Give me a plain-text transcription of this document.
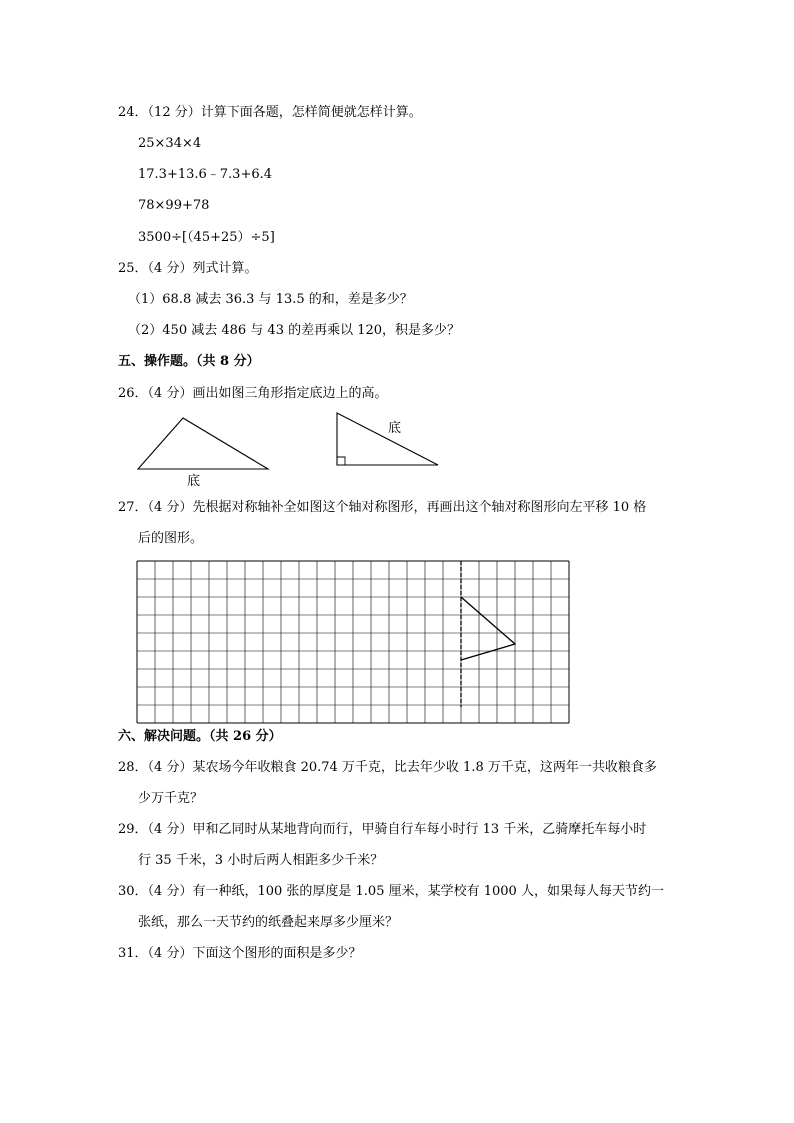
24．（12 分）计算下面各题，怎样简便就怎样计算。
25×34×4
17.3+13.6﹣7.3+6.4
78×99+78
3500÷[（45+25）÷5]
25．（4 分）列式计算。
（1）68.8 减去 36.3 与 13.5 的和，差是多少？
（2）450 减去 486 与 43 的差再乘以 120，积是多少？
五、操作题。（共 8 分）
26．（4 分）画出如图三角形指定底边上的高。
底
底
27．（4 分）先根据对称轴补全如图这个轴对称图形，再画出这个轴对称图形向左平移 10 格
后的图形。
六、解决问题。（共 26 分）
28．（4 分）某农场今年收粮食 20.74 万千克，比去年少收 1.8 万千克，这两年一共收粮食多
少万千克？
29．（4 分）甲和乙同时从某地背向而行，甲骑自行车每小时行 13 千米，乙骑摩托车每小时
行 35 千米，3 小时后两人相距多少千米？
30．（4 分）有一种纸，100 张的厚度是 1.05 厘米，某学校有 1000 人，如果每人每天节约一
张纸，那么一天节约的纸叠起来厚多少厘米？
31．（4 分）下面这个图形的面积是多少？
